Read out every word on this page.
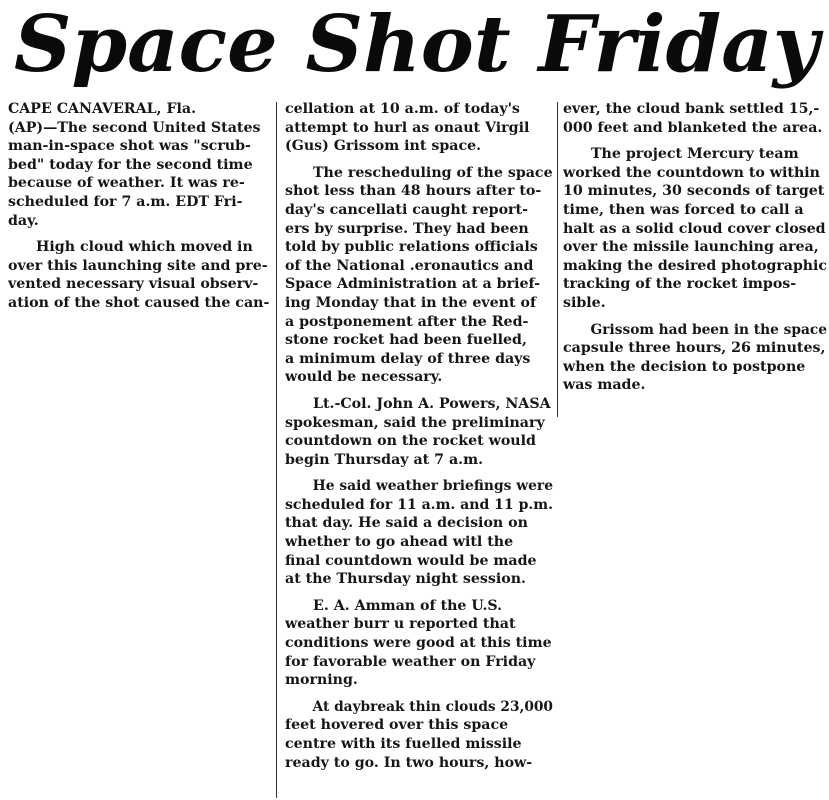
Space Shot Friday
CAPE CANAVERAL, Fla.
(AP)—The second United States
man-in-space shot was "scrub-
bed" today for the second time
because of weather. It was re-
scheduled for 7 a.m. EDT Fri-
day.
High cloud which moved in
over this launching site and pre-
vented necessary visual observ-
ation of the shot caused the can-
cellation at 10 a.m. of today's
attempt to hurl as onaut Virgil
(Gus) Grissom int space.
The rescheduling of the space
shot less than 48 hours after to-
day's cancellati caught report-
ers by surprise. They had been
told by public relations officials
of the National .eronautics and
Space Administration at a brief-
ing Monday that in the event of
a postponement after the Red-
stone rocket had been fuelled,
a minimum delay of three days
would be necessary.
Lt.-Col. John A. Powers, NASA
spokesman, said the preliminary
countdown on the rocket would
begin Thursday at 7 a.m.
He said weather briefings were
scheduled for 11 a.m. and 11 p.m.
that day. He said a decision on
whether to go ahead witl the
final countdown would be made
at the Thursday night session.
E. A. Amman of the U.S.
weather burr u reported that
conditions were good at this time
for favorable weather on Friday
morning.
At daybreak thin clouds 23,000
feet hovered over this space
centre with its fuelled missile
ready to go. In two hours, how-
ever, the cloud bank settled 15,-
000 feet and blanketed the area.
The project Mercury team
worked the countdown to within
10 minutes, 30 seconds of target
time, then was forced to call a
halt as a solid cloud cover closed
over the missile launching area,
making the desired photographic
tracking of the rocket impos-
sible.
Grissom had been in the space
capsule three hours, 26 minutes,
when the decision to postpone
was made.
